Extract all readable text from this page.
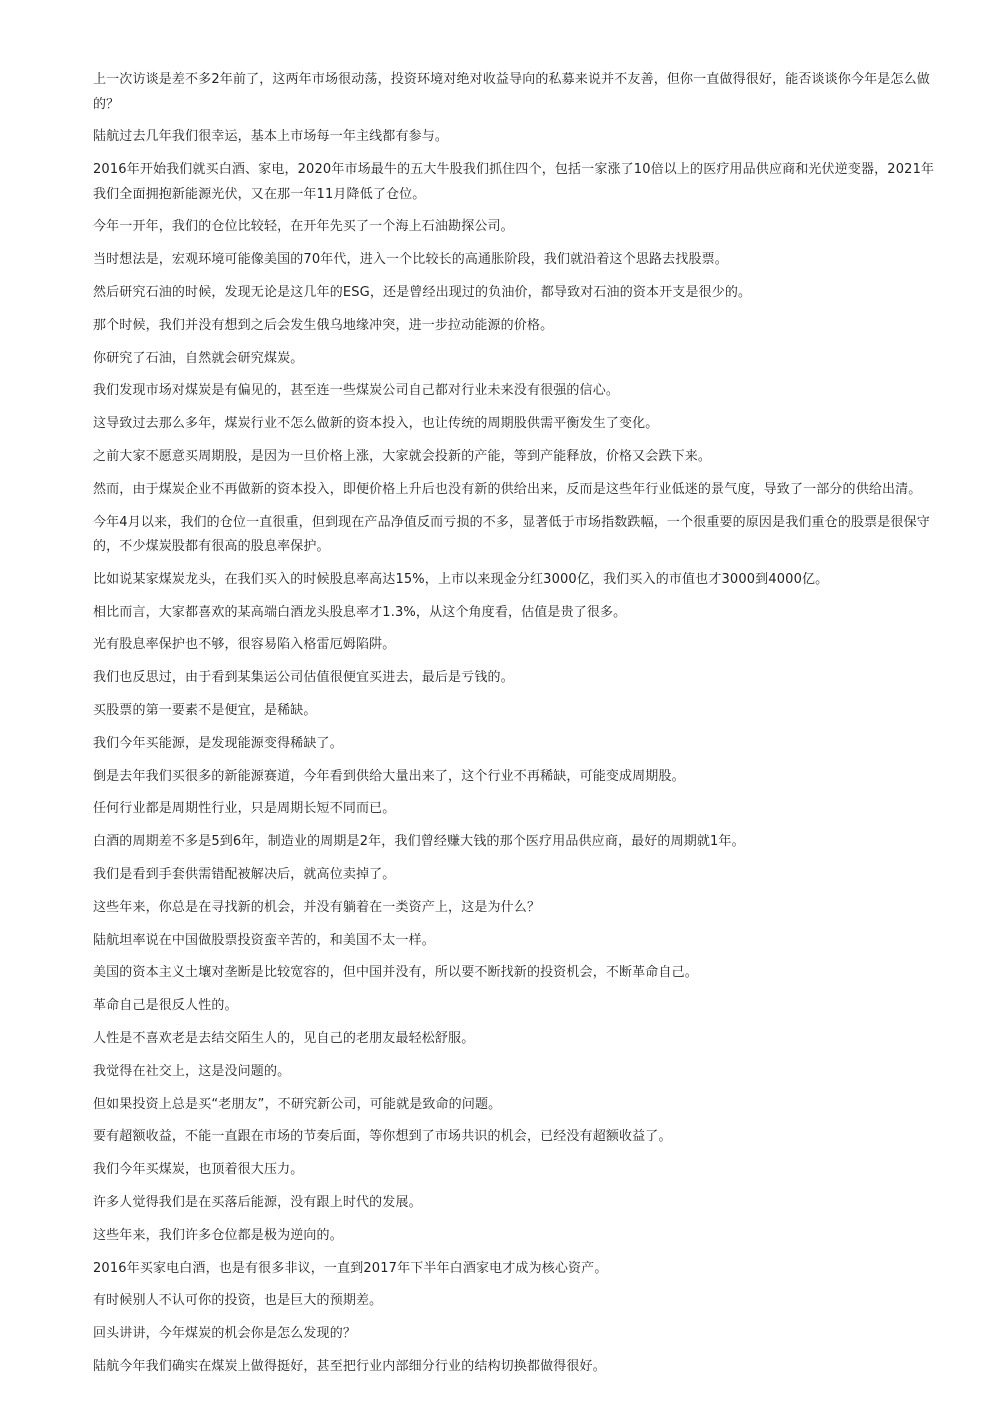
上一次访谈是差不多2年前了，这两年市场很动荡，投资环境对绝对收益导向的私募来说并不友善，但你一直做得很好，能否谈谈你今年是怎么做的？

陆航过去几年我们很幸运，基本上市场每一年主线都有参与。

2016年开始我们就买白酒、家电，2020年市场最牛的五大牛股我们抓住四个，包括一家涨了10倍以上的医疗用品供应商和光伏逆变器，2021年我们全面拥抱新能源光伏，又在那一年11月降低了仓位。

今年一开年，我们的仓位比较轻，在开年先买了一个海上石油勘探公司。

当时想法是，宏观环境可能像美国的70年代，进入一个比较长的高通胀阶段，我们就沿着这个思路去找股票。

然后研究石油的时候，发现无论是这几年的ESG，还是曾经出现过的负油价，都导致对石油的资本开支是很少的。

那个时候，我们并没有想到之后会发生俄乌地缘冲突，进一步拉动能源的价格。

你研究了石油，自然就会研究煤炭。

我们发现市场对煤炭是有偏见的，甚至连一些煤炭公司自己都对行业未来没有很强的信心。

这导致过去那么多年，煤炭行业不怎么做新的资本投入，也让传统的周期股供需平衡发生了变化。

之前大家不愿意买周期股，是因为一旦价格上涨，大家就会投新的产能，等到产能释放，价格又会跌下来。

然而，由于煤炭企业不再做新的资本投入，即便价格上升后也没有新的供给出来，反而是这些年行业低迷的景气度，导致了一部分的供给出清。

今年4月以来，我们的仓位一直很重，但到现在产品净值反而亏损的不多，显著低于市场指数跌幅，一个很重要的原因是我们重仓的股票是很保守的，不少煤炭股都有很高的股息率保护。

比如说某家煤炭龙头，在我们买入的时候股息率高达15%，上市以来现金分红3000亿，我们买入的市值也才3000到4000亿。

相比而言，大家都喜欢的某高端白酒龙头股息率才1.3%，从这个角度看，估值是贵了很多。

光有股息率保护也不够，很容易陷入格雷厄姆陷阱。

我们也反思过，由于看到某集运公司估值很便宜买进去，最后是亏钱的。

买股票的第一要素不是便宜，是稀缺。

我们今年买能源，是发现能源变得稀缺了。

倒是去年我们买很多的新能源赛道，今年看到供给大量出来了，这个行业不再稀缺，可能变成周期股。

任何行业都是周期性行业，只是周期长短不同而已。

白酒的周期差不多是5到6年，制造业的周期是2年，我们曾经赚大钱的那个医疗用品供应商，最好的周期就1年。

我们是看到手套供需错配被解决后，就高位卖掉了。

这些年来，你总是在寻找新的机会，并没有躺着在一类资产上，这是为什么？

陆航坦率说在中国做股票投资蛮辛苦的，和美国不太一样。

美国的资本主义土壤对垄断是比较宽容的，但中国并没有，所以要不断找新的投资机会，不断革命自己。

革命自己是很反人性的。

人性是不喜欢老是去结交陌生人的，见自己的老朋友最轻松舒服。

我觉得在社交上，这是没问题的。

但如果投资上总是买“老朋友”，不研究新公司，可能就是致命的问题。

要有超额收益，不能一直跟在市场的节奏后面，等你想到了市场共识的机会，已经没有超额收益了。

我们今年买煤炭，也顶着很大压力。

许多人觉得我们是在买落后能源，没有跟上时代的发展。

这些年来，我们许多仓位都是极为逆向的。

2016年买家电白酒，也是有很多非议，一直到2017年下半年白酒家电才成为核心资产。

有时候别人不认可你的投资，也是巨大的预期差。

回头讲讲，今年煤炭的机会你是怎么发现的？

陆航今年我们确实在煤炭上做得挺好，甚至把行业内部细分行业的结构切换都做得很好。
